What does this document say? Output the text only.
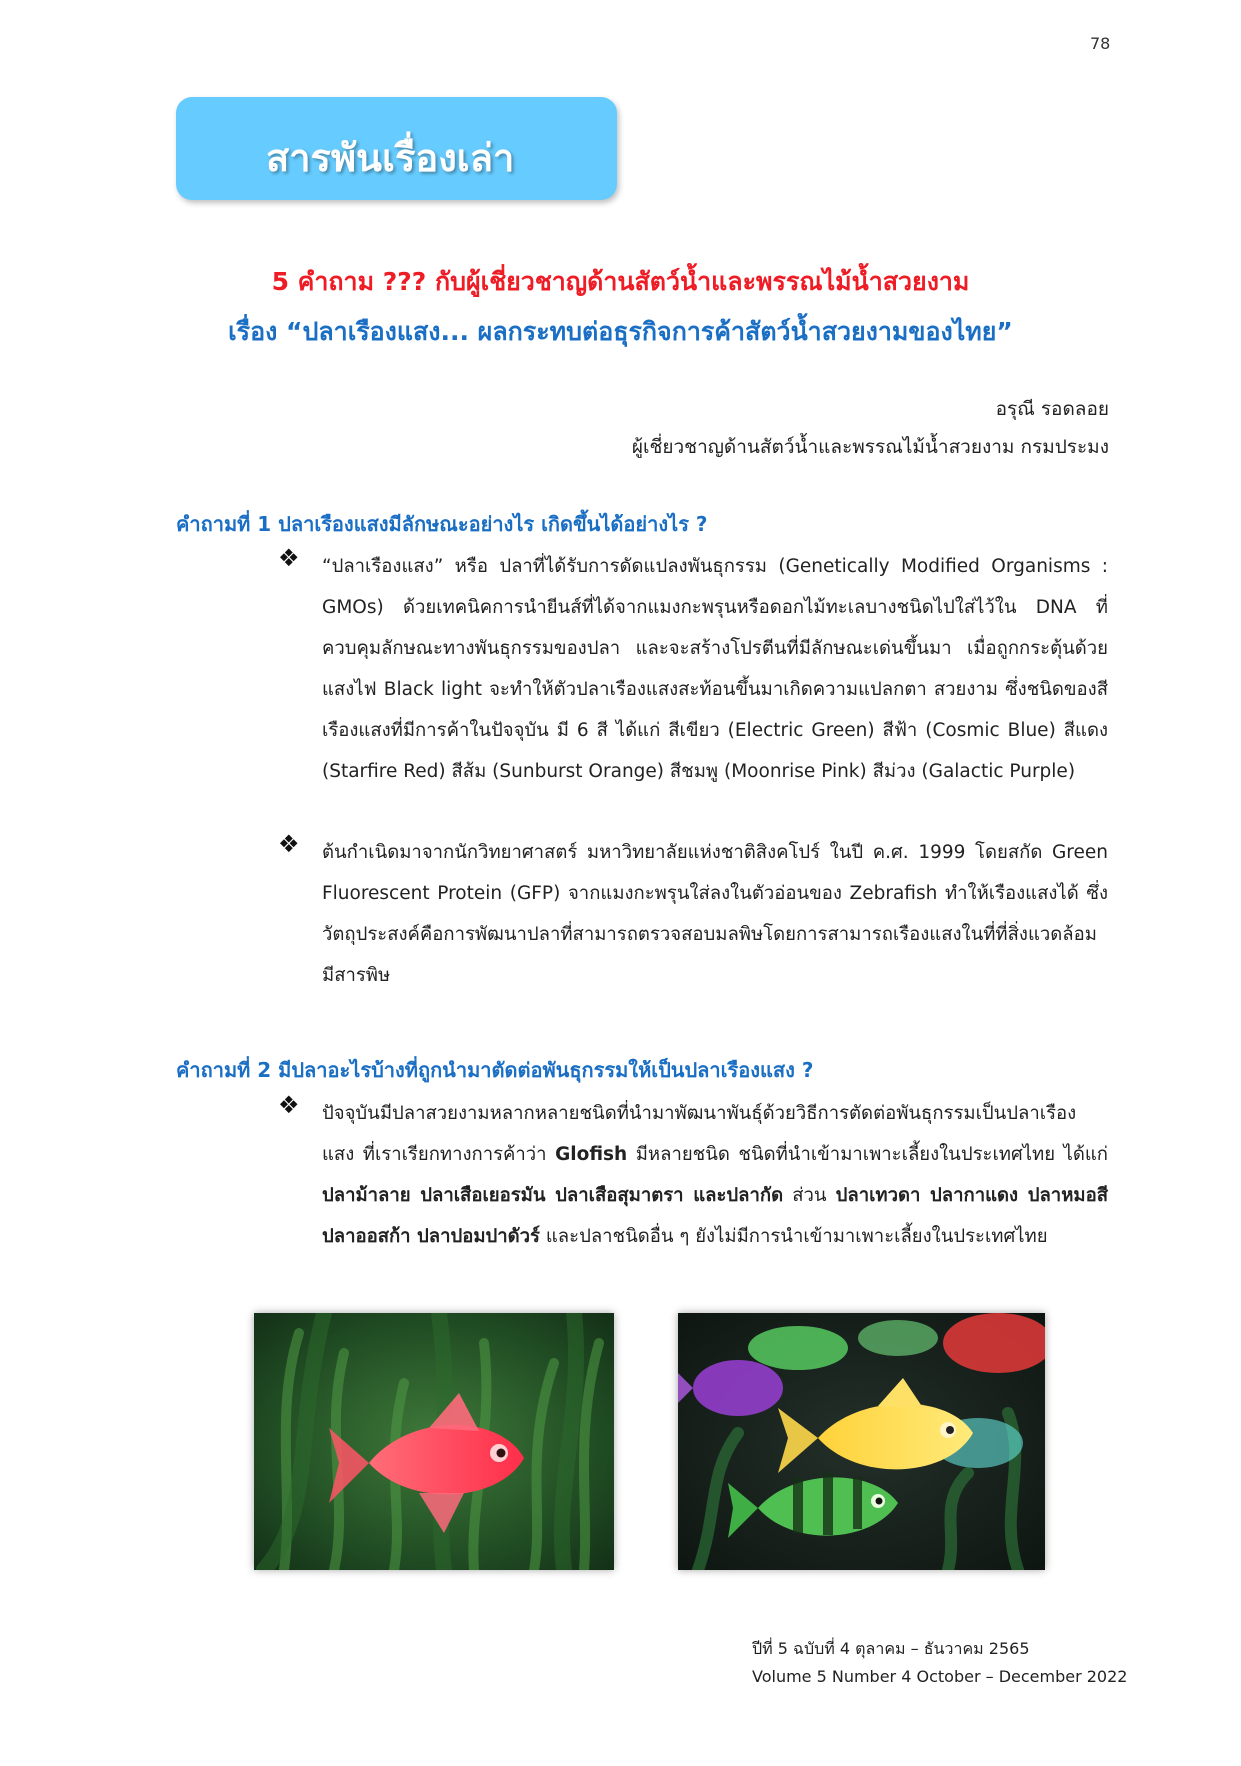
78
สารพันเรื่องเล่า
5 คำถาม ??? กับผู้เชี่ยวชาญด้านสัตว์น้ำและพรรณไม้น้ำสวยงาม
เรื่อง “ปลาเรืองแสง... ผลกระทบต่อธุรกิจการค้าสัตว์น้ำสวยงามของไทย”
อรุณี รอดลอย
ผู้เชี่ยวชาญด้านสัตว์น้ำและพรรณไม้น้ำสวยงาม กรมประมง
คำถามที่ 1 ปลาเรืองแสงมีลักษณะอย่างไร เกิดขึ้นได้อย่างไร ?
❖ “ปลาเรืองแสง” หรือ ปลาที่ได้รับการดัดแปลงพันธุกรรม (Genetically Modified Organisms : GMOs) ด้วยเทคนิคการนำยีนส์ที่ได้จากแมงกะพรุนหรือดอกไม้ทะเลบางชนิดไปใส่ไว้ใน DNA ที่ควบคุมลักษณะทางพันธุกรรมของปลา และจะสร้างโปรตีนที่มีลักษณะเด่นขึ้นมา เมื่อถูกกระตุ้นด้วยแสงไฟ Black light จะทำให้ตัวปลาเรืองแสงสะท้อนขึ้นมาเกิดความแปลกตา สวยงาม ซึ่งชนิดของสีเรืองแสงที่มีการค้าในปัจจุบัน มี 6 สี ได้แก่ สีเขียว (Electric Green) สีฟ้า (Cosmic Blue) สีแดง (Starfire Red) สีส้ม (Sunburst Orange) สีชมพู (Moonrise Pink) สีม่วง (Galactic Purple)
❖ ต้นกำเนิดมาจากนักวิทยาศาสตร์ มหาวิทยาลัยแห่งชาติสิงคโปร์ ในปี ค.ศ. 1999 โดยสกัด Green Fluorescent Protein (GFP) จากแมงกะพรุนใส่ลงในตัวอ่อนของ Zebrafish ทำให้เรืองแสงได้ ซึ่งวัตถุประสงค์คือการพัฒนาปลาที่สามารถตรวจสอบมลพิษโดยการสามารถเรืองแสงในที่ที่สิ่งแวดล้อมมีสารพิษ
คำถามที่ 2 มีปลาอะไรบ้างที่ถูกนำมาตัดต่อพันธุกรรมให้เป็นปลาเรืองแสง ?
❖ ปัจจุบันมีปลาสวยงามหลากหลายชนิดที่นำมาพัฒนาพันธุ์ด้วยวิธีการตัดต่อพันธุกรรมเป็นปลาเรืองแสง ที่เราเรียกทางการค้าว่า Glofish มีหลายชนิด ชนิดที่นำเข้ามาเพาะเลี้ยงในประเทศไทย ได้แก่ ปลาม้าลาย ปลาเสือเยอรมัน ปลาเสือสุมาตรา และปลากัด ส่วน ปลาเทวดา ปลากาแดง ปลาหมอสี ปลาออสก้า ปลาปอมปาดัวร์ และปลาชนิดอื่น ๆ ยังไม่มีการนำเข้ามาเพาะเลี้ยงในประเทศไทย
ปีที่ 5 ฉบับที่ 4 ตุลาคม – ธันวาคม 2565
Volume 5 Number 4 October – December 2022
